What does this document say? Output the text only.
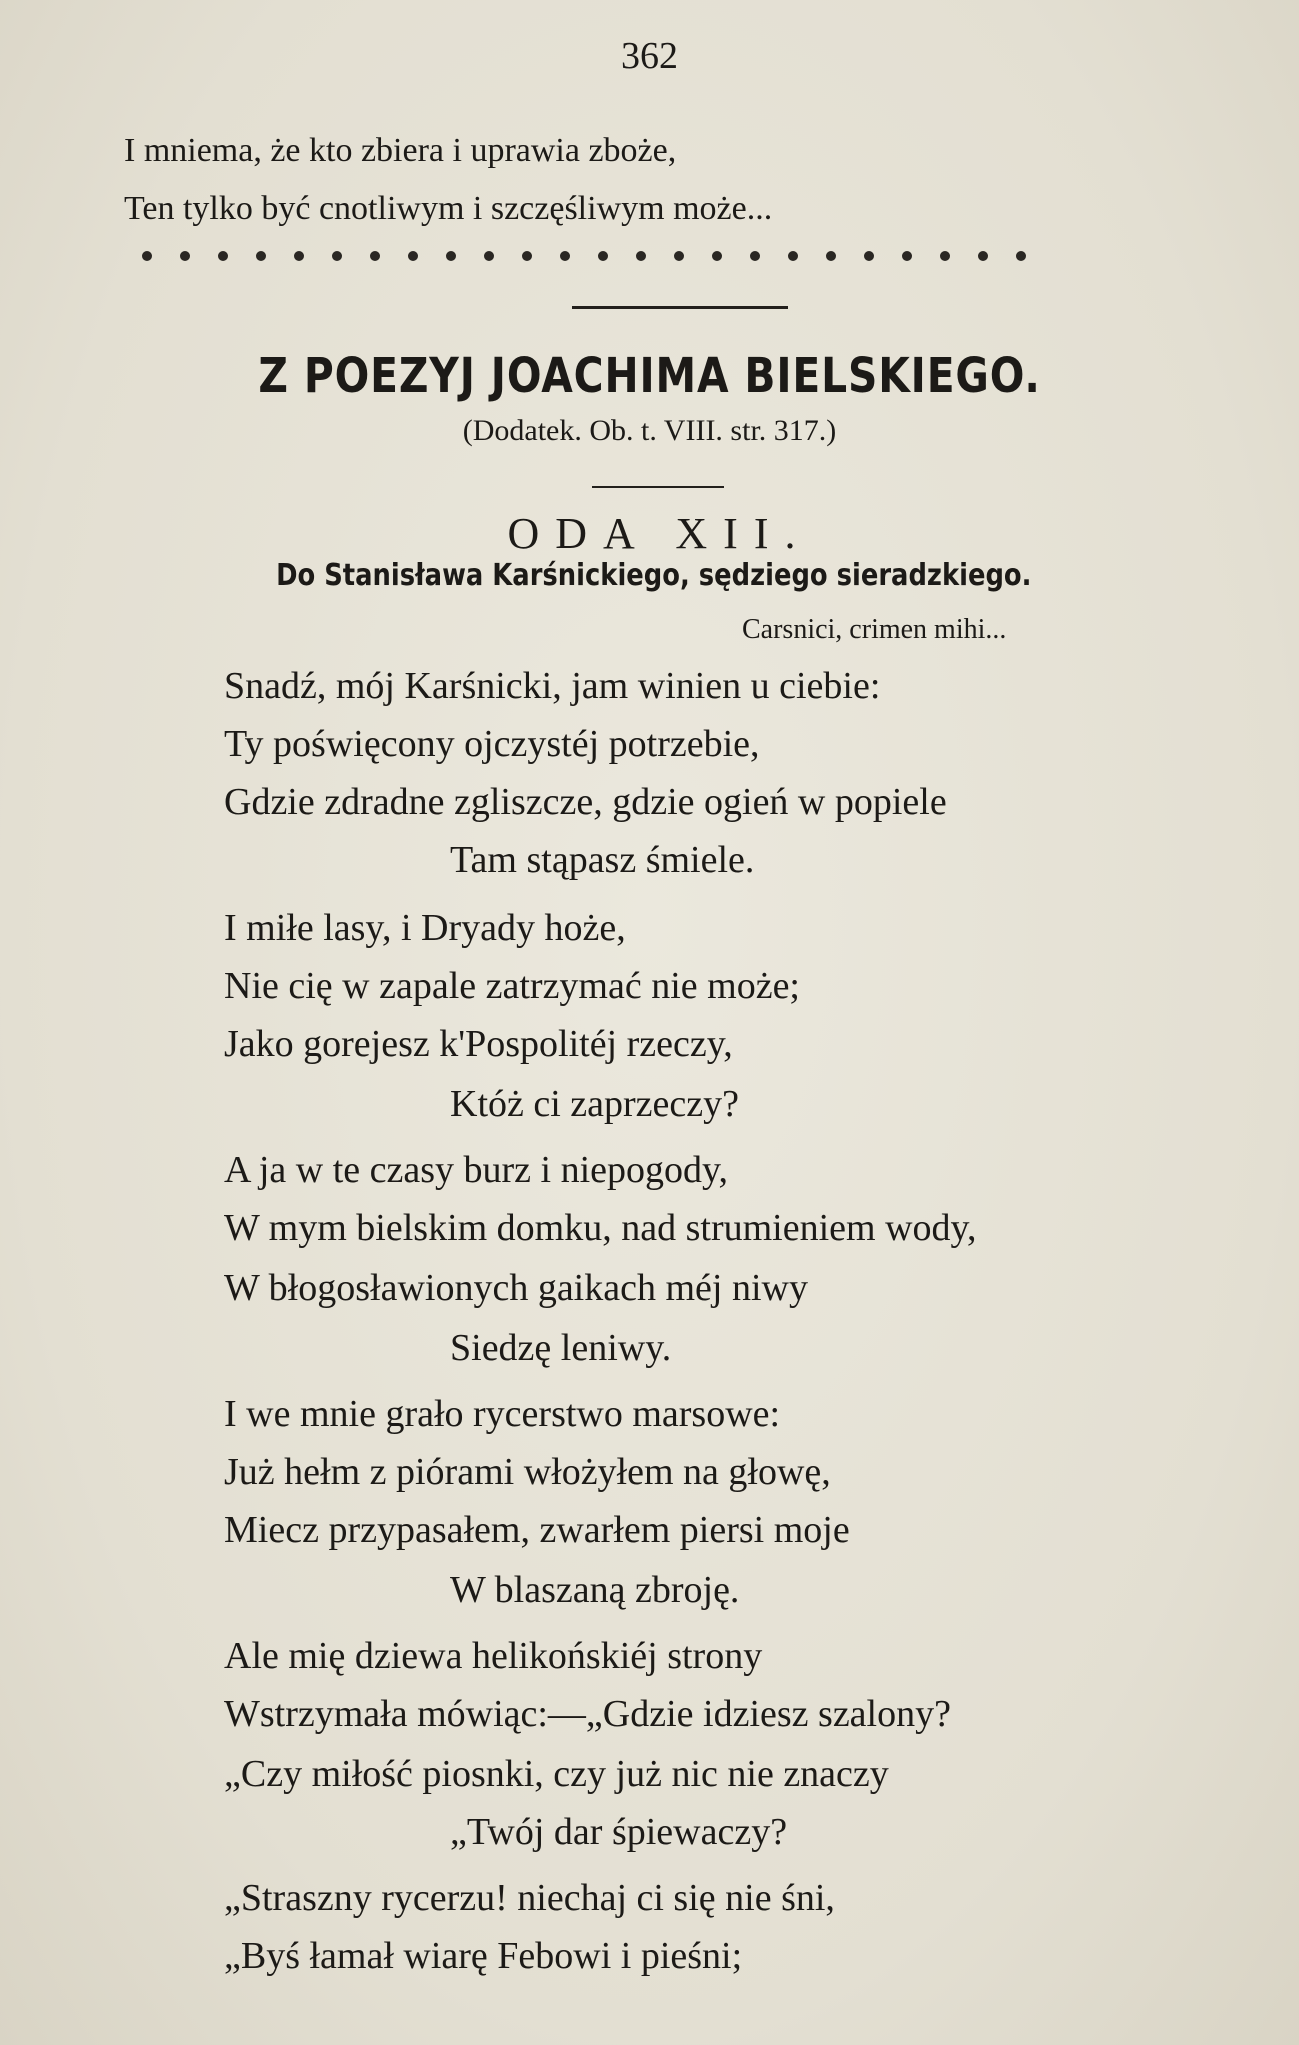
362
I mniema, że kto zbiera i uprawia zboże,
Ten tylko być cnotliwym i szczęśliwym może...
Z POEZYJ JOACHIMA BIELSKIEGO.
(Dodatek. Ob. t. VIII. str. 317.)
ODA XII.
Do Stanisława Karśnickiego, sędziego sieradzkiego.
Carsnici, crimen mihi...
Snadź, mój Karśnicki, jam winien u ciebie:
Ty poświęcony ojczystéj potrzebie,
Gdzie zdradne zgliszcze, gdzie ogień w popiele
Tam stąpasz śmiele.
I miłe lasy, i Dryady hoże,
Nie cię w zapale zatrzymać nie może;
Jako gorejesz k'Pospolitéj rzeczy,
Któż ci zaprzeczy?
A ja w te czasy burz i niepogody,
W mym bielskim domku, nad strumieniem wody,
W błogosławionych gaikach méj niwy
Siedzę leniwy.
I we mnie grało rycerstwo marsowe:
Już hełm z piórami włożyłem na głowę,
Miecz przypasałem, zwarłem piersi moje
W blaszaną zbroję.
Ale mię dziewa helikońskiéj strony
Wstrzymała mówiąc:—„Gdzie idziesz szalony?
„Czy miłość piosnki, czy już nic nie znaczy
„Twój dar śpiewaczy?
„Straszny rycerzu! niechaj ci się nie śni,
„Byś łamał wiarę Febowi i pieśni;
